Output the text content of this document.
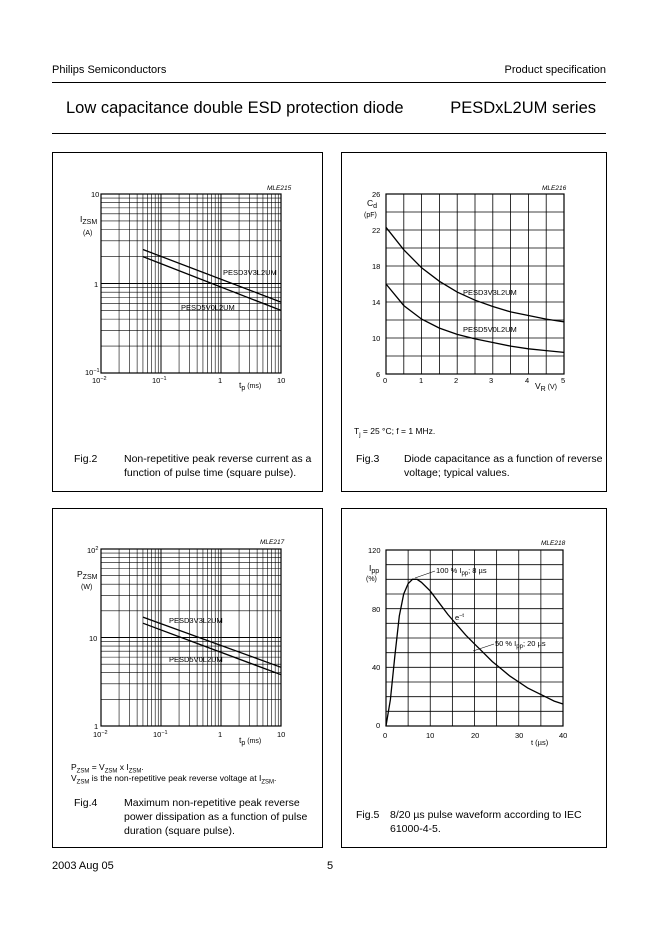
Philips Semiconductors	Product specification
Low capacitance double ESD protection diode	PESDxL2UM series
MLE215
$I_{ZSM}$
(A)
10
1
$10^{-1}$
$10^{-2}$	$10^{-1}$	1	10
$t_p$ $^{(ms)}$
PESD3V3L2UM
PESD5V0L2UM
Fig.2	Non-repetitive peak reverse current as a function of pulse time (square pulse).
MLE216
$C_d$
(pF)
26
22
18
14
10
6
0	1	2	3	4	5
$V_R$ $^{(V)}$
PESD3V3L2UM
PESD5V0L2UM
$T_j = 25$ °C; f = 1 MHz.
Fig.3 Diode capacitance as a function of reverse voltage; typical values.
MLE217
$P_{ZSM}$
(W)
$10^2$
10
1
$10^{-2}$	$10^{-1}$	1	10
$t_p$ $^{(ms)}$
PESD3V3L2UM
PESD5V0L2UM
$P_{ZSM} = V_{ZSM}$ x $I_{ZSM}$.
$V_{ZSM}$ is the non-repetitive peak reverse voltage at $I_{ZSM}$.
Fig.4	Maximum non-repetitive peak reverse power dissipation as a function of pulse duration (square pulse).
MLE218
$I_{pp}$
(%)
120
80
40
0
0	10	20	30	40
t (µs)
100 % $I_{pp}$; 8 µs
$e^{-t}$
50 % $I_{pp}$; 20 µs
Fig.5 8/20 µs pulse waveform according to IEC 61000-4-5.
2003 Aug 05	5
